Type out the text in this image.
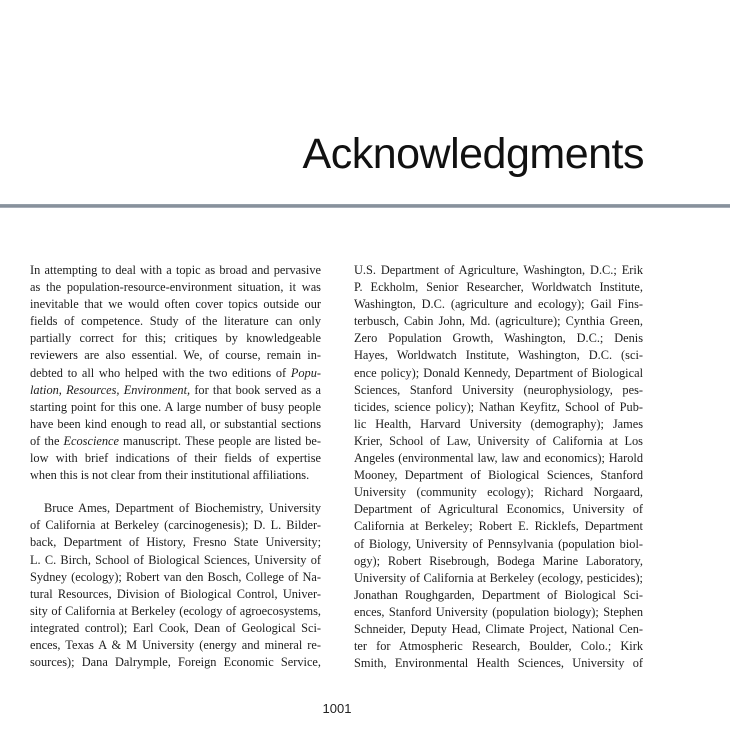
Acknowledgments
In attempting to deal with a topic as broad and pervasive
as the population-resource-environment situation, it was
inevitable that we would often cover topics outside our
fields of competence. Study of the literature can only
partially correct for this; critiques by knowledgeable
reviewers are also essential. We, of course, remain in-
debted to all who helped with the two editions of Popu-
lation, Resources, Environment, for that book served as a
starting point for this one. A large number of busy people
have been kind enough to read all, or substantial sections
of the Ecoscience manuscript. These people are listed be-
low with brief indications of their fields of expertise
when this is not clear from their institutional affiliations.
Bruce Ames, Department of Biochemistry, University
of California at Berkeley (carcinogenesis); D. L. Bilder-
back, Department of History, Fresno State University;
L. C. Birch, School of Biological Sciences, University of
Sydney (ecology); Robert van den Bosch, College of Na-
tural Resources, Division of Biological Control, Univer-
sity of California at Berkeley (ecology of agroecosystems,
integrated control); Earl Cook, Dean of Geological Sci-
ences, Texas A & M University (energy and mineral re-
sources); Dana Dalrymple, Foreign Economic Service,
U.S. Department of Agriculture, Washington, D.C.; Erik
P. Eckholm, Senior Researcher, Worldwatch Institute,
Washington, D.C. (agriculture and ecology); Gail Fins-
terbusch, Cabin John, Md. (agriculture); Cynthia Green,
Zero Population Growth, Washington, D.C.; Denis
Hayes, Worldwatch Institute, Washington, D.C. (sci-
ence policy); Donald Kennedy, Department of Biological
Sciences, Stanford University (neurophysiology, pes-
ticides, science policy); Nathan Keyfitz, School of Pub-
lic Health, Harvard University (demography); James
Krier, School of Law, University of California at Los
Angeles (environmental law, law and economics); Harold
Mooney, Department of Biological Sciences, Stanford
University (community ecology); Richard Norgaard,
Department of Agricultural Economics, University of
California at Berkeley; Robert E. Ricklefs, Department
of Biology, University of Pennsylvania (population biol-
ogy); Robert Risebrough, Bodega Marine Laboratory,
University of California at Berkeley (ecology, pesticides);
Jonathan Roughgarden, Department of Biological Sci-
ences, Stanford University (population biology); Stephen
Schneider, Deputy Head, Climate Project, National Cen-
ter for Atmospheric Research, Boulder, Colo.; Kirk
Smith, Environmental Health Sciences, University of
1001
